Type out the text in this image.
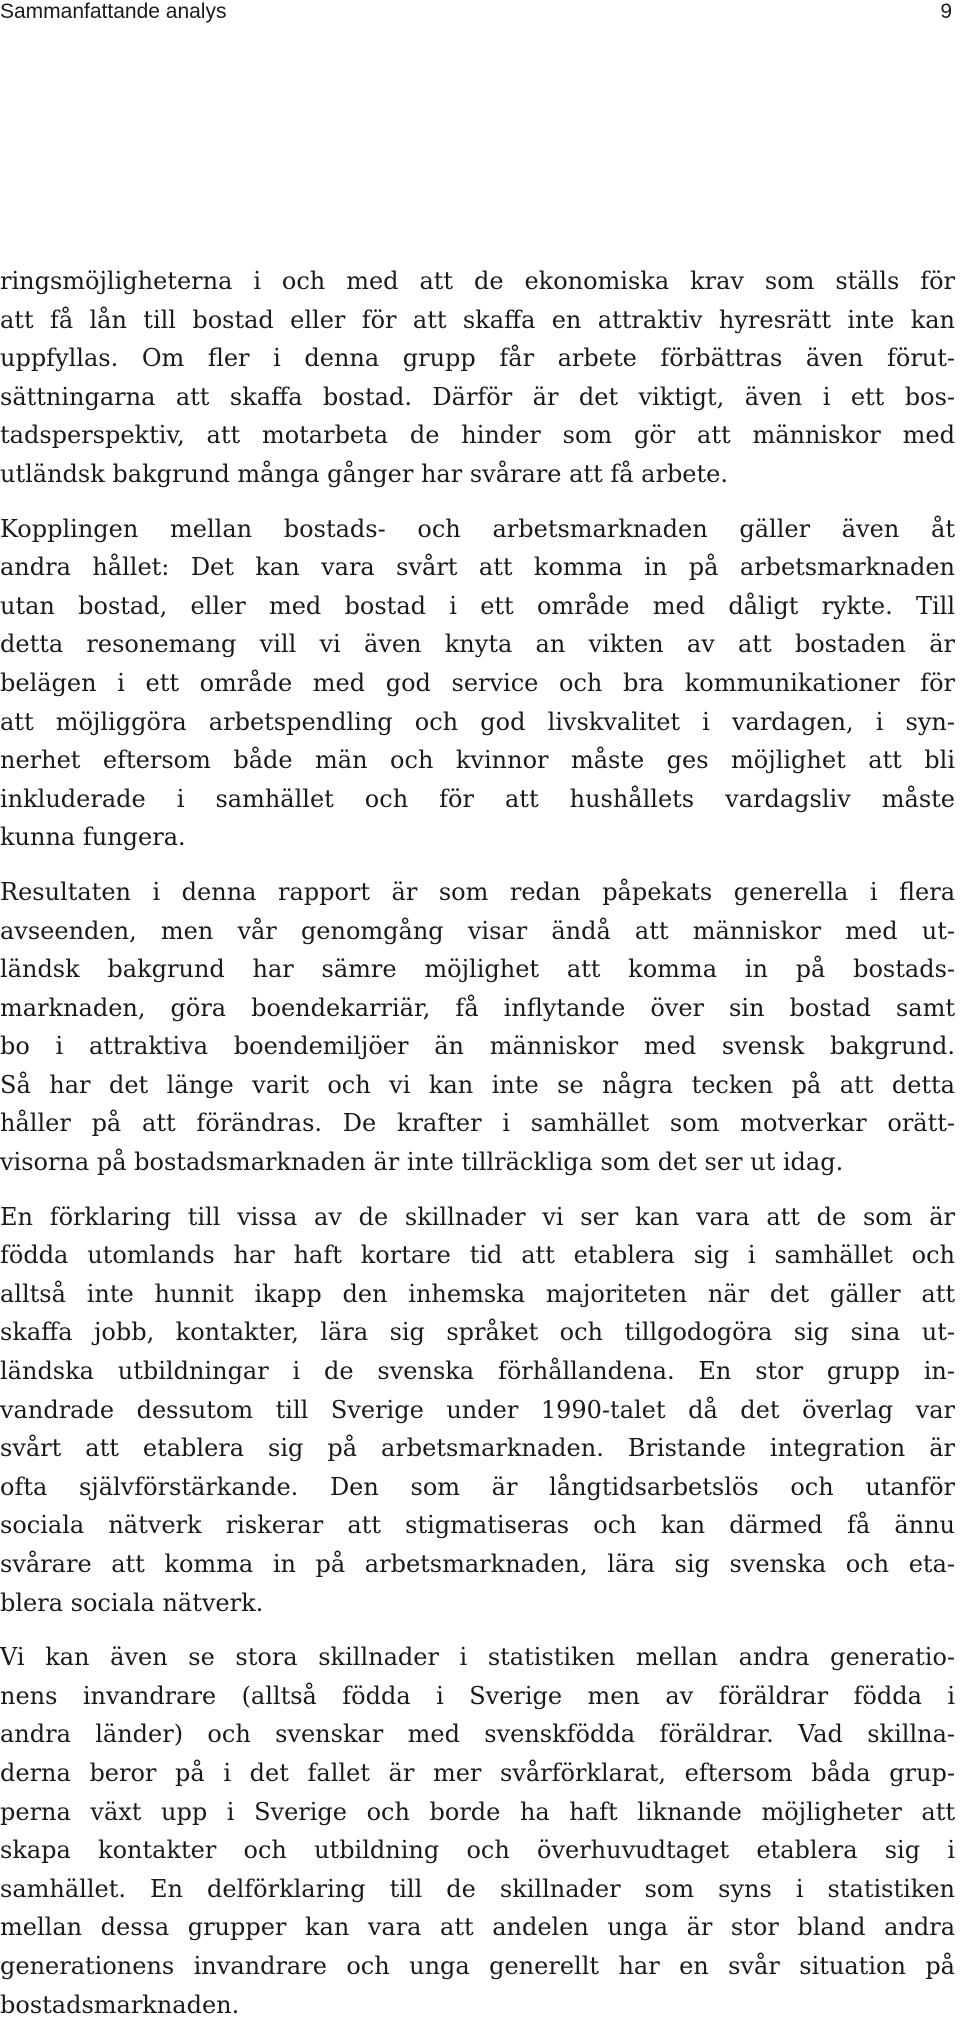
Sammanfattande analys	9

ringsmöjligheterna i och med att de ekonomiska krav som ställs för
att få lån till bostad eller för att skaffa en attraktiv hyresrätt inte kan
uppfyllas. Om fler i denna grupp får arbete förbättras även förut-
sättningarna att skaffa bostad. Därför är det viktigt, även i ett bos-
tadsperspektiv, att motarbeta de hinder som gör att människor med
utländsk bakgrund många gånger har svårare att få arbete.

Kopplingen mellan bostads- och arbetsmarknaden gäller även åt
andra hållet: Det kan vara svårt att komma in på arbetsmarknaden
utan bostad, eller med bostad i ett område med dåligt rykte. Till
detta resonemang vill vi även knyta an vikten av att bostaden är
belägen i ett område med god service och bra kommunikationer för
att möjliggöra arbetspendling och god livskvalitet i vardagen, i syn-
nerhet eftersom både män och kvinnor måste ges möjlighet att bli
inkluderade i samhället och för att hushållets vardagsliv måste
kunna fungera.

Resultaten i denna rapport är som redan påpekats generella i flera
avseenden, men vår genomgång visar ändå att människor med ut-
ländsk bakgrund har sämre möjlighet att komma in på bostads-
marknaden, göra boendekarriär, få inflytande över sin bostad samt
bo i attraktiva boendemiljöer än människor med svensk bakgrund.
Så har det länge varit och vi kan inte se några tecken på att detta
håller på att förändras. De krafter i samhället som motverkar orätt-
visorna på bostadsmarknaden är inte tillräckliga som det ser ut idag.

En förklaring till vissa av de skillnader vi ser kan vara att de som är
födda utomlands har haft kortare tid att etablera sig i samhället och
alltså inte hunnit ikapp den inhemska majoriteten när det gäller att
skaffa jobb, kontakter, lära sig språket och tillgodogöra sig sina ut-
ländska utbildningar i de svenska förhållandena. En stor grupp in-
vandrade dessutom till Sverige under 1990-talet då det överlag var
svårt att etablera sig på arbetsmarknaden. Bristande integration är
ofta självförstärkande. Den som är långtidsarbetslös och utanför
sociala nätverk riskerar att stigmatiseras och kan därmed få ännu
svårare att komma in på arbetsmarknaden, lära sig svenska och eta-
blera sociala nätverk.

Vi kan även se stora skillnader i statistiken mellan andra generatio-
nens invandrare (alltså födda i Sverige men av föräldrar födda i
andra länder) och svenskar med svenskfödda föräldrar. Vad skillna-
derna beror på i det fallet är mer svårförklarat, eftersom båda grup-
perna växt upp i Sverige och borde ha haft liknande möjligheter att
skapa kontakter och utbildning och överhuvudtaget etablera sig i
samhället. En delförklaring till de skillnader som syns i statistiken
mellan dessa grupper kan vara att andelen unga är stor bland andra
generationens invandrare och unga generellt har en svår situation på
bostadsmarknaden.
